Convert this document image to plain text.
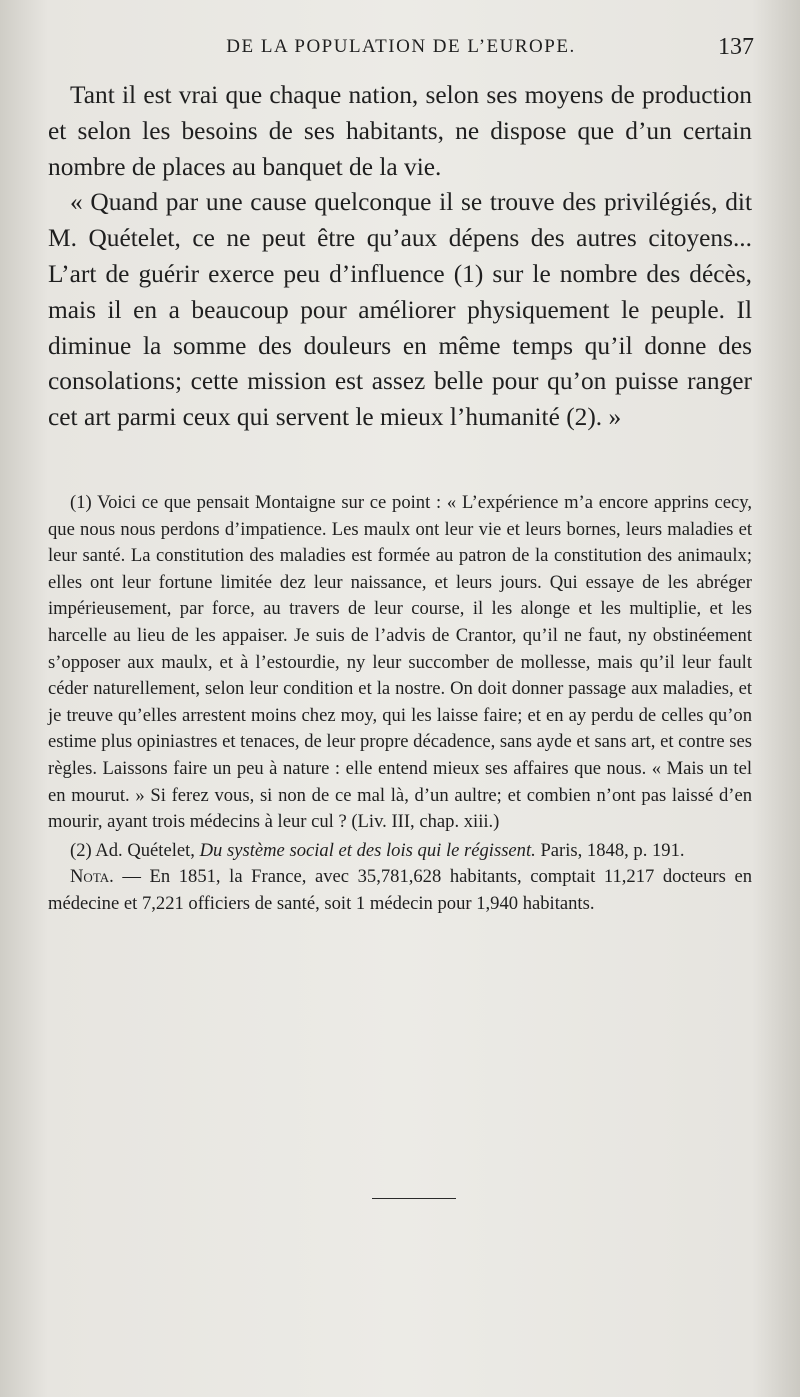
DE LA POPULATION DE L’EUROPE.	137

Tant il est vrai que chaque nation, selon ses moyens de production et selon les besoins de ses habitants, ne dispose que d’un certain nombre de places au banquet de la vie.

« Quand par une cause quelconque il se trouve des privilégiés, dit M. Quételet, ce ne peut être qu’aux dépens des autres citoyens... L’art de guérir exerce peu d’influence (1) sur le nombre des décès, mais il en a beaucoup pour améliorer physiquement le peuple. Il diminue la somme des douleurs en même temps qu’il donne des consolations; cette mission est assez belle pour qu’on puisse ranger cet art parmi ceux qui servent le mieux l’humanité (2). »

(1) Voici ce que pensait Montaigne sur ce point : « L’expérience m’a encore apprins cecy, que nous nous perdons d’impatience. Les maulx ont leur vie et leurs bornes, leurs maladies et leur santé. La constitution des maladies est formée au patron de la constitution des animaulx; elles ont leur fortune limitée dez leur naissance, et leurs jours. Qui essaye de les abréger impérieusement, par force, au travers de leur course, il les alonge et les multiplie, et les harcelle au lieu de les appaiser. Je suis de l’advis de Crantor, qu’il ne faut, ny obstinéement s’opposer aux maulx, et à l’estourdie, ny leur succomber de mollesse, mais qu’il leur fault céder naturellement, selon leur condition et la nostre. On doit donner passage aux maladies, et je treuve qu’elles arrestent moins chez moy, qui les laisse faire; et en ay perdu de celles qu’on estime plus opiniastres et tenaces, de leur propre décadence, sans ayde et sans art, et contre ses règles. Laissons faire un peu à nature : elle entend mieux ses affaires que nous. « Mais un tel en mourut. » Si ferez vous, si non de ce mal là, d’un aultre; et combien n’ont pas laissé d’en mourir, ayant trois médecins à leur cul ? (Liv. III, chap. xiii.)

(2) Ad. Quételet, Du système social et des lois qui le régissent. Paris, 1848, p. 191.

Nota. — En 1851, la France, avec 35,781,628 habitants, comptait 11,217 docteurs en médecine et 7,221 officiers de santé, soit 1 médecin pour 1,940 habitants.
